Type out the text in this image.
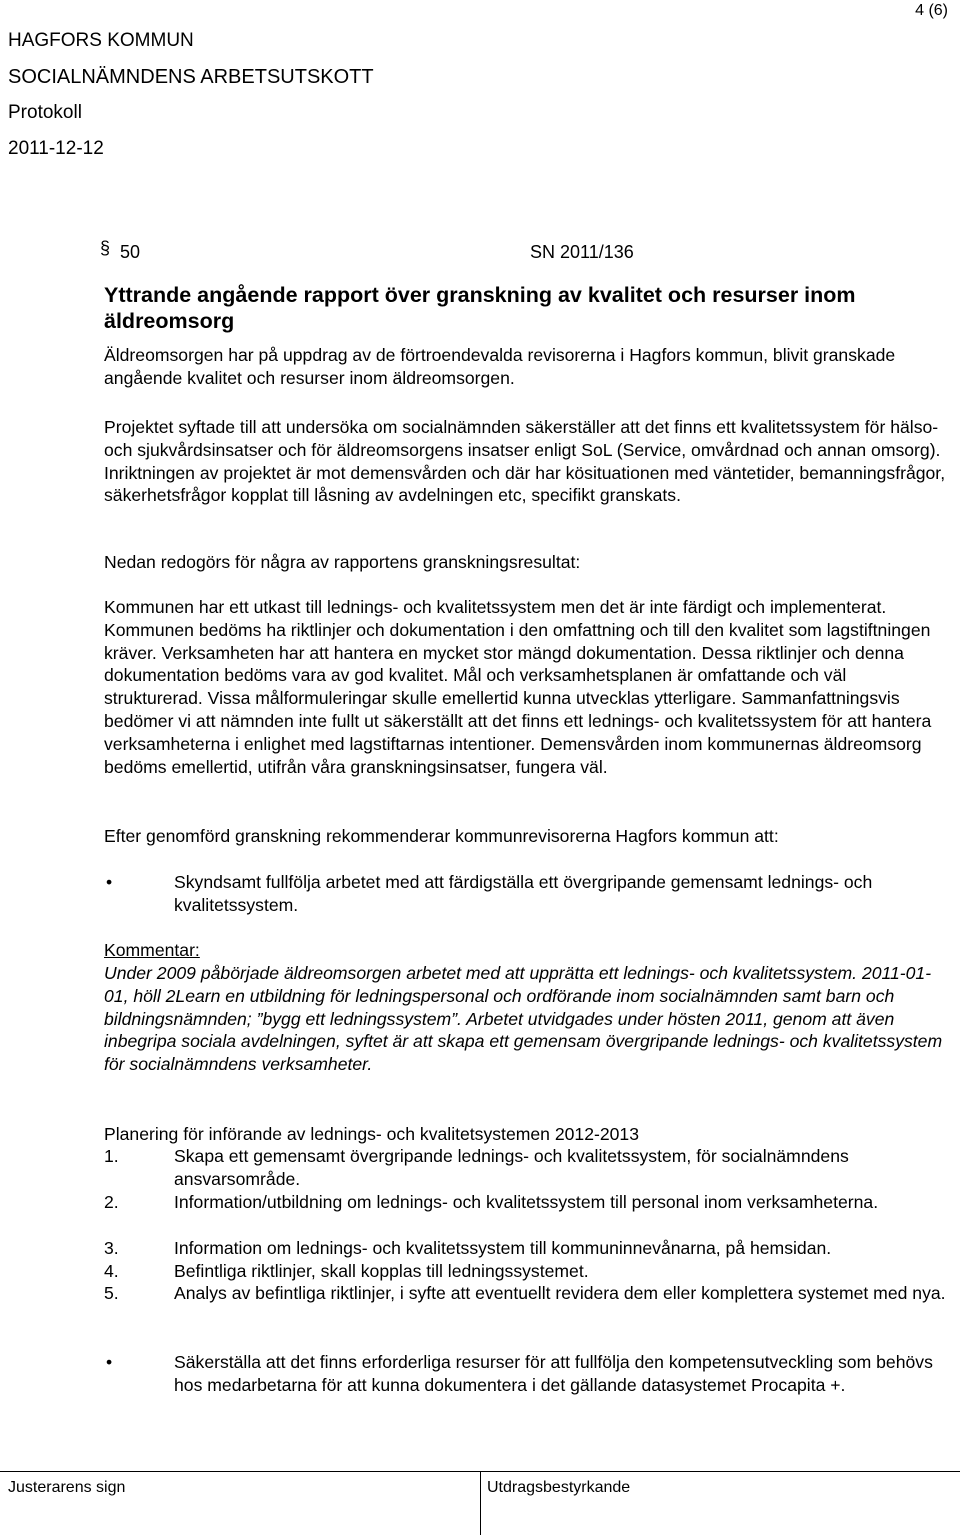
4 (6)
HAGFORS KOMMUN
SOCIALNÄMNDENS ARBETSUTSKOTT
Protokoll
2011-12-12
§ 50	SN 2011/136
Yttrande angående rapport över granskning av kvalitet och resurser inom äldreomsorg
Äldreomsorgen har på uppdrag av de förtroendevalda revisorerna i Hagfors kommun, blivit granskade angående kvalitet och resurser inom äldreomsorgen.
Projektet syftade till att undersöka om socialnämnden säkerställer att det finns ett kvalitetssystem för hälso- och sjukvårdsinsatser och för äldreomsorgens insatser enligt SoL (Service, omvårdnad och annan omsorg). Inriktningen av projektet är mot demensvården och där har kösituationen med väntetider, bemanningsfrågor, säkerhetsfrågor kopplat till låsning av avdelningen etc, specifikt granskats.
Nedan redogörs för några av rapportens granskningsresultat:
Kommunen har ett utkast till lednings- och kvalitetssystem men det är inte färdigt och implementerat. Kommunen bedöms ha riktlinjer och dokumentation i den omfattning och till den kvalitet som lagstiftningen kräver. Verksamheten har att hantera en mycket stor mängd dokumentation. Dessa riktlinjer och denna dokumentation bedöms vara av god kvalitet. Mål och verksamhetsplanen är omfattande och väl strukturerad. Vissa målformuleringar skulle emellertid kunna utvecklas ytterligare. Sammanfattningsvis bedömer vi att nämnden inte fullt ut säkerställt att det finns ett lednings- och kvalitetssystem för att hantera verksamheterna i enlighet med lagstiftarnas intentioner. Demensvården inom kommunernas äldreomsorg bedöms emellertid, utifrån våra granskningsinsatser, fungera väl.
Efter genomförd granskning rekommenderar kommunrevisorerna Hagfors kommun att:
•	Skyndsamt fullfölja arbetet med att färdigställa ett övergripande gemensamt lednings- och kvalitetssystem.
Kommentar:
Under 2009 påbörjade äldreomsorgen arbetet med att upprätta ett lednings- och kvalitetssystem. 2011-01-01, höll 2Learn en utbildning för ledningspersonal och ordförande inom socialnämnden samt barn och bildningsnämnden; ”bygg ett ledningssystem”. Arbetet utvidgades under hösten 2011, genom att även inbegripa sociala avdelningen, syftet är att skapa ett gemensam övergripande lednings- och kvalitetssystem för socialnämndens verksamheter.
Planering för införande av lednings- och kvalitetsystemen 2012-2013
1.	Skapa ett gemensamt övergripande lednings- och kvalitetssystem, för socialnämndens ansvarsområde.
2.	Information/utbildning om lednings- och kvalitetssystem till personal inom verksamheterna.
3.	Information om lednings- och kvalitetssystem till kommuninnevånarna, på hemsidan.
4.	Befintliga riktlinjer, skall kopplas till ledningssystemet.
5.	Analys av befintliga riktlinjer, i syfte att eventuellt revidera dem eller komplettera systemet med nya.
•	Säkerställa att det finns erforderliga resurser för att fullfölja den kompetensutveckling som behövs hos medarbetarna för att kunna dokumentera i det gällande datasystemet Procapita +.
Justerarens sign	Utdragsbestyrkande
